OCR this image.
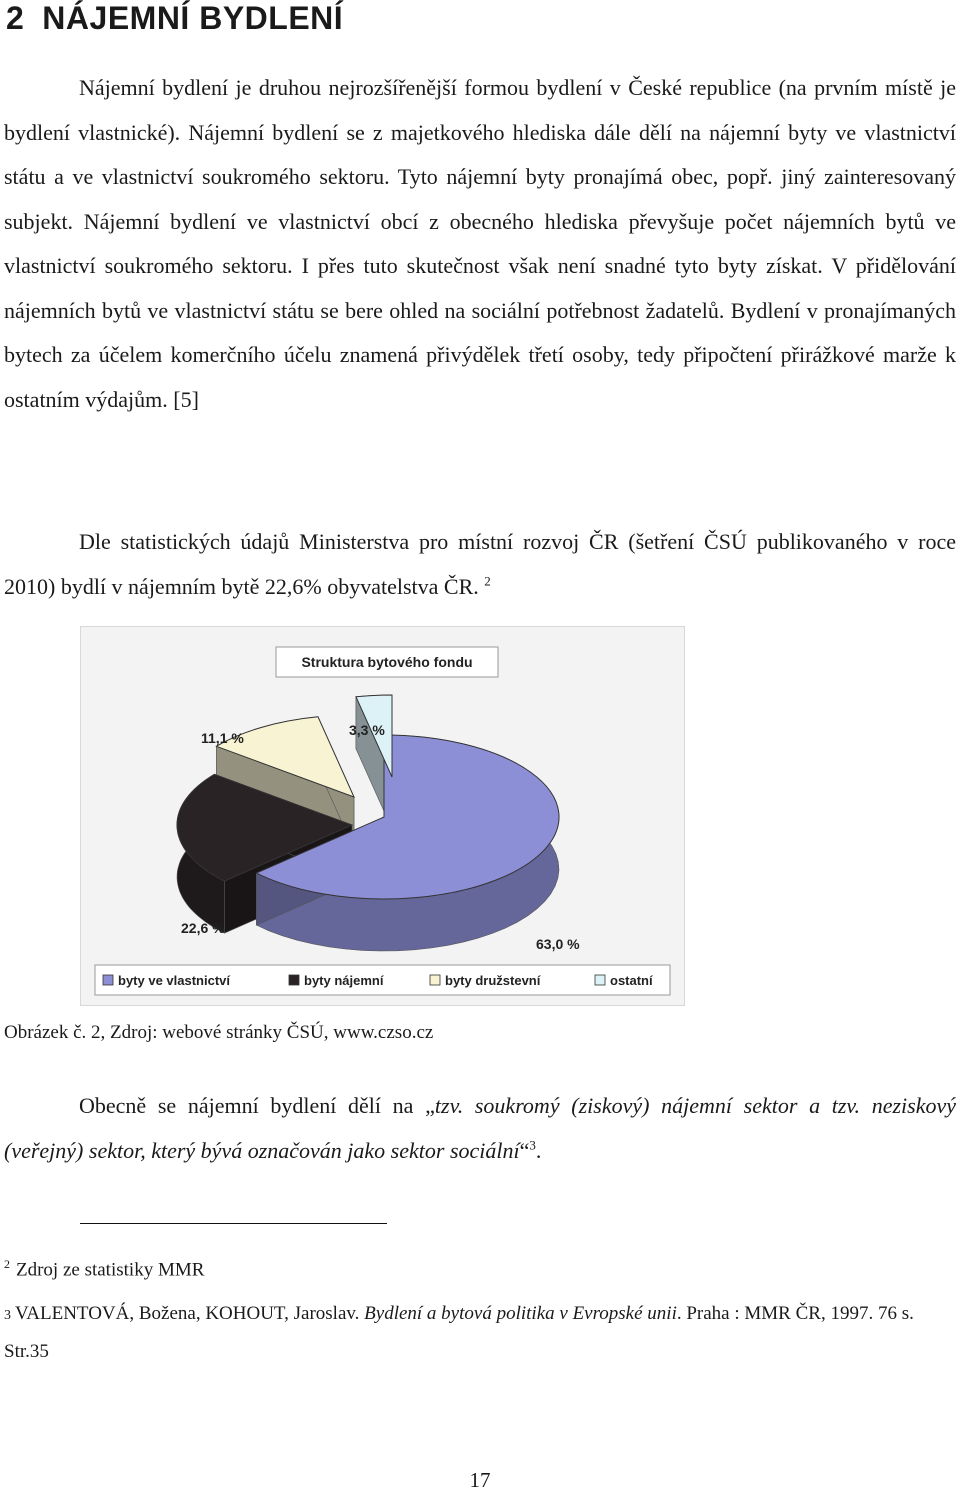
2 NÁJEMNÍ BYDLENÍ
Nájemní bydlení je druhou nejrozšířenější formou bydlení v České republice (na prvním místě je bydlení vlastnické). Nájemní bydlení se z majetkového hlediska dále dělí na nájemní byty ve vlastnictví státu a ve vlastnictví soukromého sektoru. Tyto nájemní byty pronajímá obec, popř. jiný zainteresovaný subjekt. Nájemní bydlení ve vlastnictví obcí z obecného hlediska převyšuje počet nájemních bytů ve vlastnictví soukromého sektoru. I přes tuto skutečnost však není snadné tyto byty získat. V přidělování nájemních bytů ve vlastnictví státu se bere ohled na sociální potřebnost žadatelů. Bydlení v pronajímaných bytech za účelem komerčního účelu znamená přivýdělek třetí osoby, tedy připočtení přirážkové marže k ostatním výdajům. [5]
Dle statistických údajů Ministerstva pro místní rozvoj ČR (šetření ČSÚ publikovaného v roce 2010) bydlí v nájemním bytě 22,6% obyvatelstva ČR. $^2$
Struktura bytového fondu
63,0 %
22,6 %
11,1 %	3,3 %
byty ve vlastnictví	byty nájemní	byty družstevní	ostatní
Obrázek č. 2, Zdroj: webové stránky ČSÚ, www.czso.cz
Obecně se nájemní bydlení dělí na „tzv. soukromý (ziskový) nájemní sektor a tzv. neziskový (veřejný) sektor, který bývá označován jako sektor sociální“$^3$.
$^2$ Zdroj ze statistiky MMR
3 VALENTOVÁ, Božena, KOHOUT, Jaroslav. Bydlení a bytová politika v Evropské unii. Praha : MMR ČR, 1997. 76 s. Str.35
17
